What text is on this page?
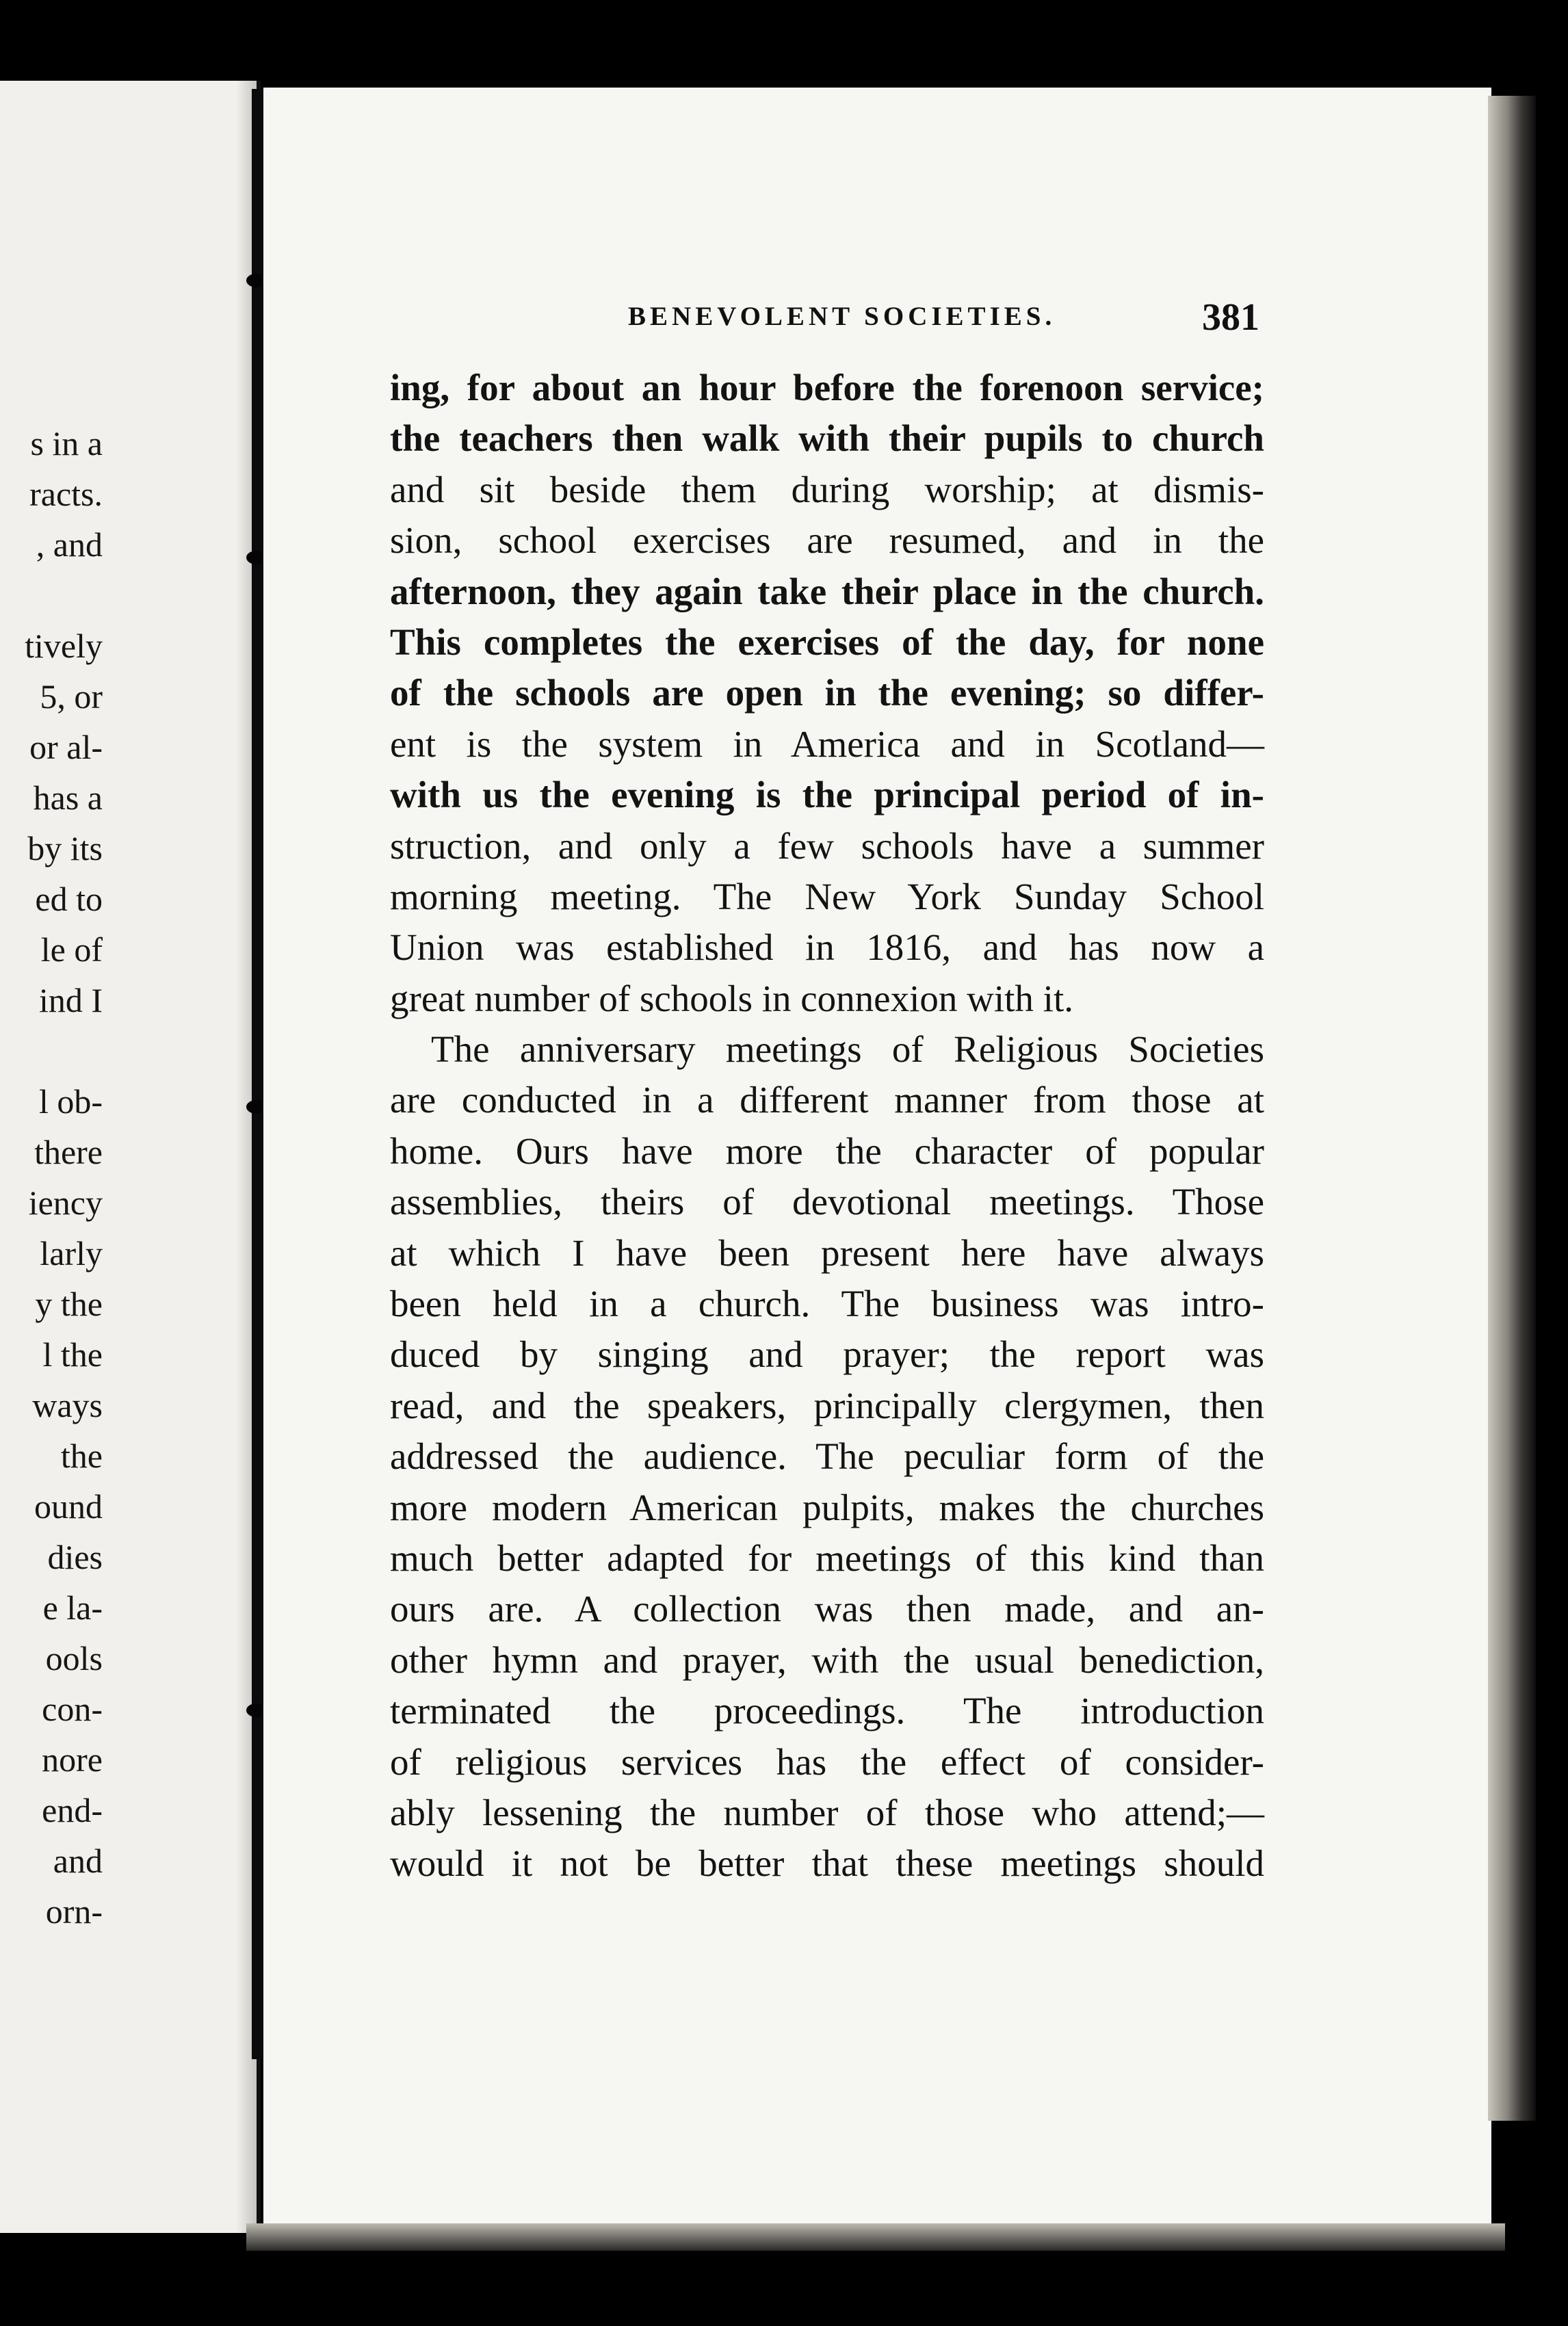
s in a
racts.
, and
tively
5, or
or al-
has a
by its
ed to
le of
ind I
l ob-
there
iency
larly
y the
l the
ways
the
ound
dies
e la-
ools
con-
nore
end-
and
orn-
BENEVOLENT SOCIETIES.	381
ing, for about an hour before the forenoon service;
the teachers then walk with their pupils to church
and sit beside them during worship; at dismis-
sion, school exercises are resumed, and in the
afternoon, they again take their place in the church.
This completes the exercises of the day, for none
of the schools are open in the evening; so differ-
ent is the system in America and in Scotland—
with us the evening is the principal period of in-
struction, and only a few schools have a summer
morning meeting. The New York Sunday School
Union was established in 1816, and has now a
great number of schools in connexion with it.
The anniversary meetings of Religious Societies
are conducted in a different manner from those at
home. Ours have more the character of popular
assemblies, theirs of devotional meetings. Those
at which I have been present here have always
been held in a church. The business was intro-
duced by singing and prayer; the report was
read, and the speakers, principally clergymen, then
addressed the audience. The peculiar form of the
more modern American pulpits, makes the churches
much better adapted for meetings of this kind than
ours are. A collection was then made, and an-
other hymn and prayer, with the usual benediction,
terminated the proceedings. The introduction
of religious services has the effect of consider-
ably lessening the number of those who attend;—
would it not be better that these meetings should
